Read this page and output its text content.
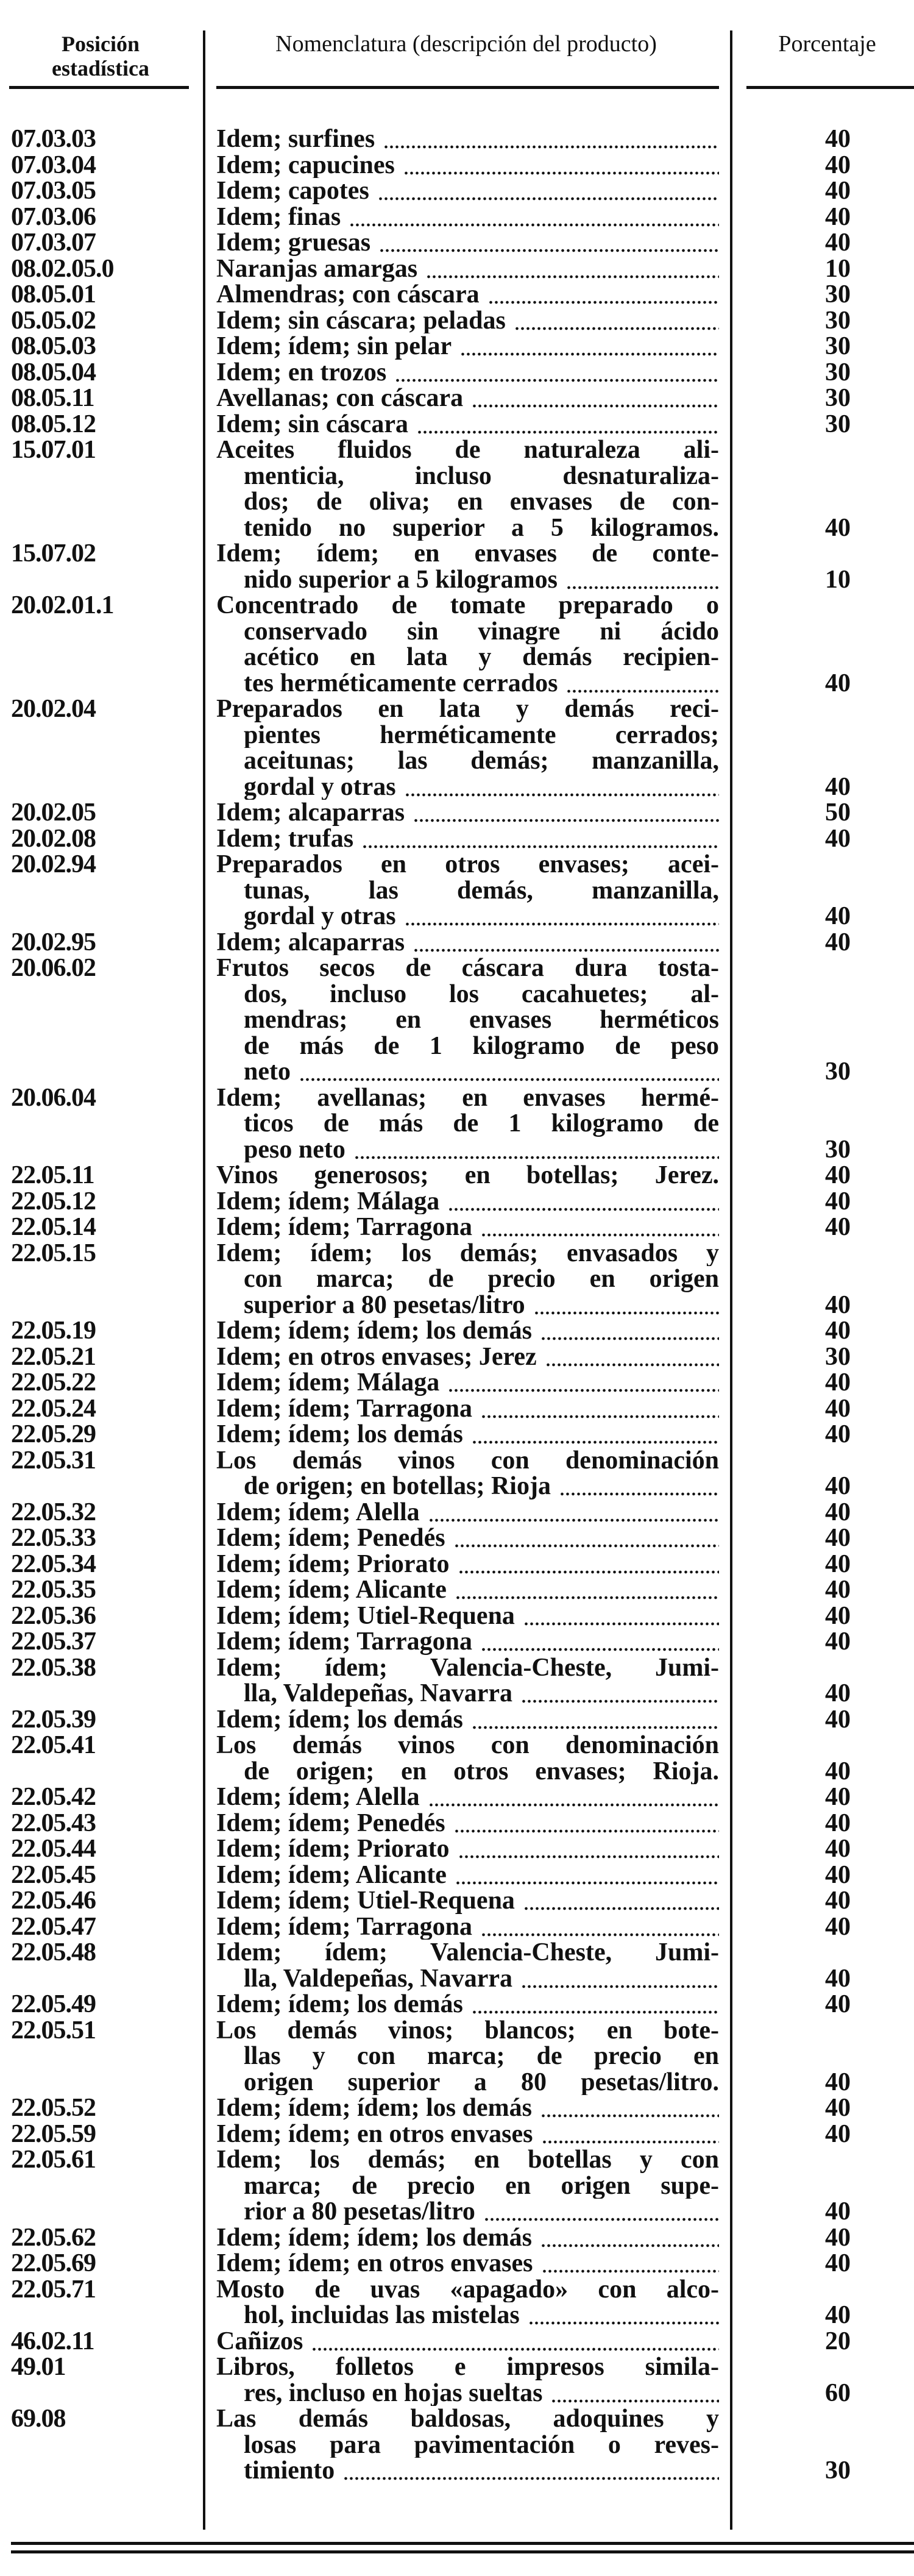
Posición
estadística
Nomenclatura (descripción del producto)	Porcentaje
07.03.03	Idem; surfines	40
07.03.04	Idem; capucines	40
07.03.05	Idem; capotes	40
07.03.06	Idem; finas	40
07.03.07	Idem; gruesas	40
08.02.05.0	Naranjas amargas	10
08.05.01	Almendras; con cáscara	30
05.05.02	Idem; sin cáscara; peladas	30
08.05.03	Idem; ídem; sin pelar	30
08.05.04	Idem; en trozos	30
08.05.11	Avellanas; con cáscara	30
08.05.12	Idem; sin cáscara	30
15.07.01	Aceites fluidos de naturaleza ali-
menticia, incluso desnaturaliza-
dos; de oliva; en envases de con-
tenido no superior a 5 kilogramos.	40
15.07.02	Idem; ídem; en envases de conte-
nido superior a 5 kilogramos	10
20.02.01.1	Concentrado de tomate preparado o
conservado sin vinagre ni ácido
acético en lata y demás recipien-
tes herméticamente cerrados	40
20.02.04	Preparados en lata y demás reci-
pientes herméticamente cerrados;
aceitunas; las demás; manzanilla,
gordal y otras	40
20.02.05	Idem; alcaparras	50
20.02.08	Idem; trufas	40
20.02.94	Preparados en otros envases; acei-
tunas, las demás, manzanilla,
gordal y otras	40
20.02.95	Idem; alcaparras	40
20.06.02	Frutos secos de cáscara dura tosta-
dos, incluso los cacahuetes; al-
mendras; en envases herméticos
de más de 1 kilogramo de peso
neto	30
20.06.04	Idem; avellanas; en envases hermé-
ticos de más de 1 kilogramo de
peso neto	30
22.05.11	Vinos generosos; en botellas; Jerez.	40
22.05.12	Idem; ídem; Málaga	40
22.05.14	Idem; ídem; Tarragona	40
22.05.15	Idem; ídem; los demás; envasados y
con marca; de precio en origen
superior a 80 pesetas/litro	40
22.05.19	Idem; ídem; ídem; los demás	40
22.05.21	Idem; en otros envases; Jerez	30
22.05.22	Idem; ídem; Málaga	40
22.05.24	Idem; ídem; Tarragona	40
22.05.29	Idem; ídem; los demás	40
22.05.31	Los demás vinos con denominación
de origen; en botellas; Rioja	40
22.05.32	Idem; ídem; Alella	40
22.05.33	Idem; ídem; Penedés	40
22.05.34	Idem; ídem; Priorato	40
22.05.35	Idem; ídem; Alicante	40
22.05.36	Idem; ídem; Utiel-Requena	40
22.05.37	Idem; ídem; Tarragona	40
22.05.38	Idem; ídem; Valencia-Cheste, Jumi-
lla, Valdepeñas, Navarra	40
22.05.39	Idem; ídem; los demás	40
22.05.41	Los demás vinos con denominación
de origen; en otros envases; Rioja.	40
22.05.42	Idem; ídem; Alella	40
22.05.43	Idem; ídem; Penedés	40
22.05.44	Idem; ídem; Priorato	40
22.05.45	Idem; ídem; Alicante	40
22.05.46	Idem; ídem; Utiel-Requena	40
22.05.47	Idem; ídem; Tarragona	40
22.05.48	Idem; ídem; Valencia-Cheste, Jumi-
lla, Valdepeñas, Navarra	40
22.05.49	Idem; ídem; los demás	40
22.05.51	Los demás vinos; blancos; en bote-
llas y con marca; de precio en
origen superior a 80 pesetas/litro.	40
22.05.52	Idem; ídem; ídem; los demás	40
22.05.59	Idem; ídem; en otros envases	40
22.05.61	Idem; los demás; en botellas y con
marca; de precio en origen supe-
rior a 80 pesetas/litro	40
22.05.62	Idem; ídem; ídem; los demás	40
22.05.69	Idem; ídem; en otros envases	40
22.05.71	Mosto de uvas «apagado» con alco-
hol, incluidas las mistelas	40
46.02.11	Cañizos	20
49.01	Libros, folletos e impresos simila-
res, incluso en hojas sueltas	60
69.08	Las demás baldosas, adoquines y
losas para pavimentación o reves-
timiento	30
